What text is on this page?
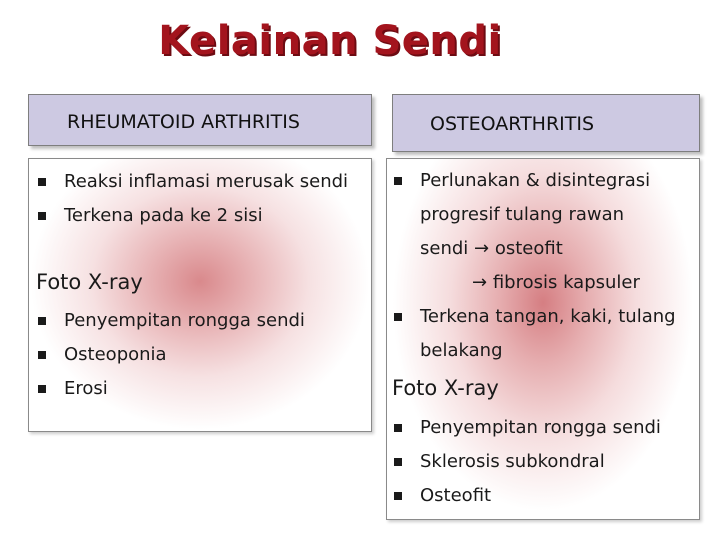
Kelainan Sendi
RHEUMATOID ARTHRITIS	OSTEOARTHRITIS
Reaksi inflamasi merusak sendi
Terkena pada ke 2 sisi
Foto X-ray
Penyempitan rongga sendi
Osteoponia
Erosi
Perlunakan & disintegrasi
progresif tulang rawan
sendi → osteofit
→ fibrosis kapsuler
Terkena tangan, kaki, tulang
belakang
Foto X-ray
Penyempitan rongga sendi
Sklerosis subkondral
Osteofit
